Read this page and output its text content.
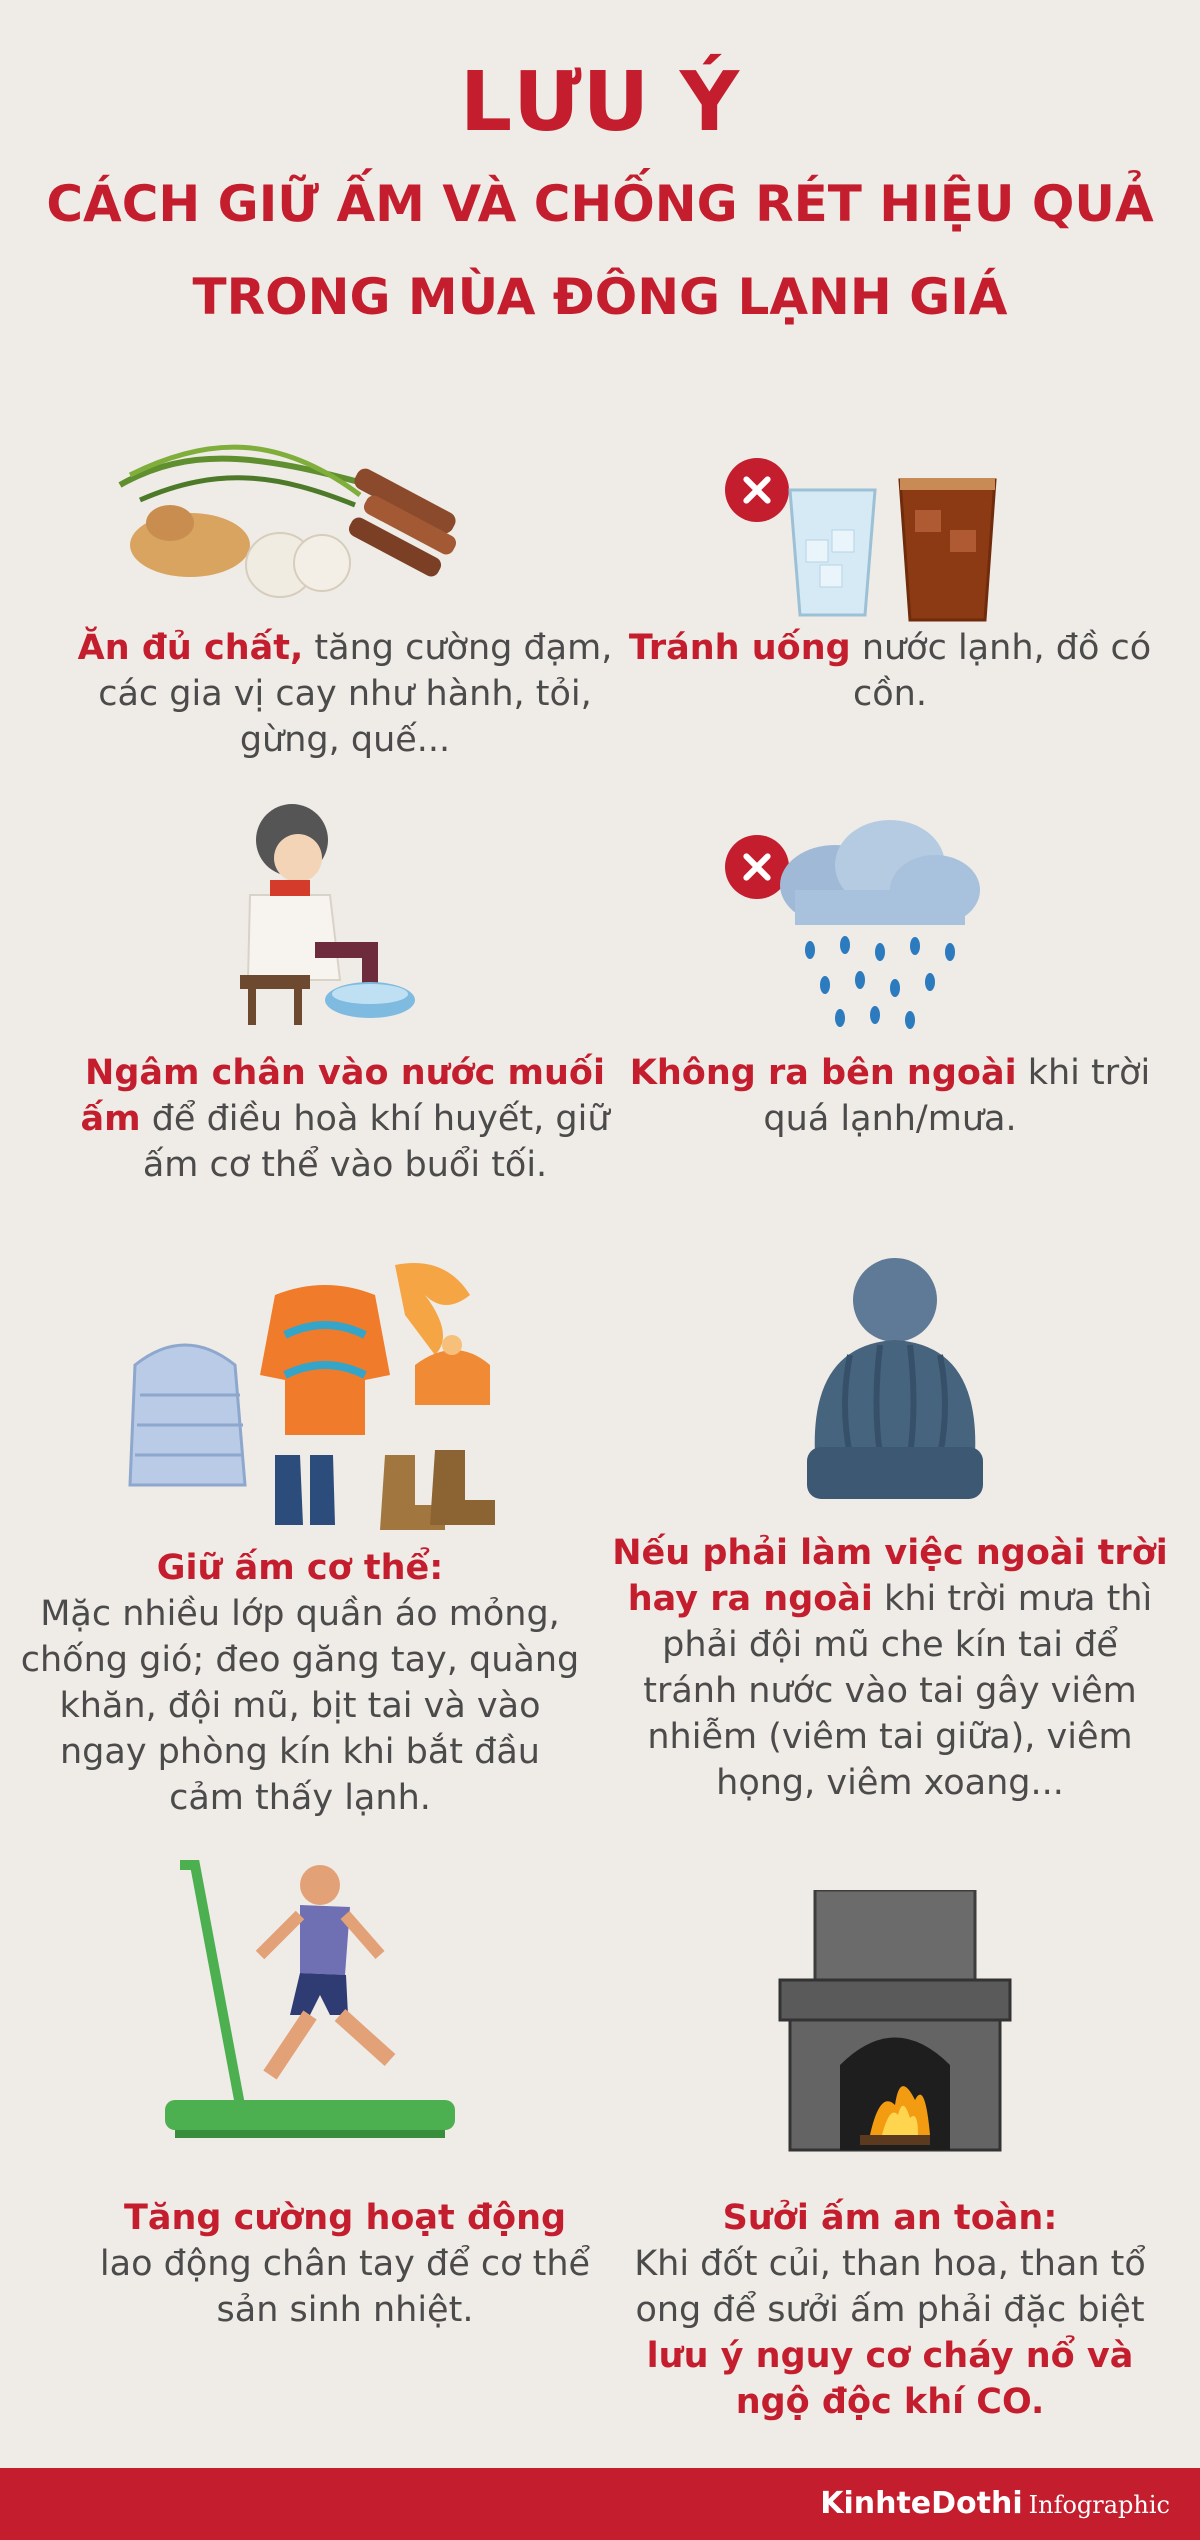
LƯU Ý
CÁCH GIỮ ẤM VÀ CHỐNG RÉT HIỆU QUẢ
TRONG MÙA ĐÔNG LẠNH GIÁ
Ăn đủ chất, tăng cường đạm, các gia vị cay như hành, tỏi, gừng, quế...
Tránh uống nước lạnh, đồ có cồn.
Ngâm chân vào nước muối ấm để điều hoà khí huyết, giữ ấm cơ thể vào buổi tối.
Không ra bên ngoài khi trời quá lạnh/mưa.
Giữ ấm cơ thể:
Mặc nhiều lớp quần áo mỏng, chống gió; đeo găng tay, quàng khăn, đội mũ, bịt tai và vào ngay phòng kín khi bắt đầu cảm thấy lạnh.
Nếu phải làm việc ngoài trời hay ra ngoài khi trời mưa thì phải đội mũ che kín tai để tránh nước vào tai gây viêm nhiễm (viêm tai giữa), viêm họng, viêm xoang...
Tăng cường hoạt động
lao động chân tay để cơ thể sản sinh nhiệt.
Sưởi ấm an toàn:
Khi đốt củi, than hoa, than tổ ong để sưởi ấm phải đặc biệt lưu ý nguy cơ cháy nổ và ngộ độc khí CO.
KinhteDothi Infographic
